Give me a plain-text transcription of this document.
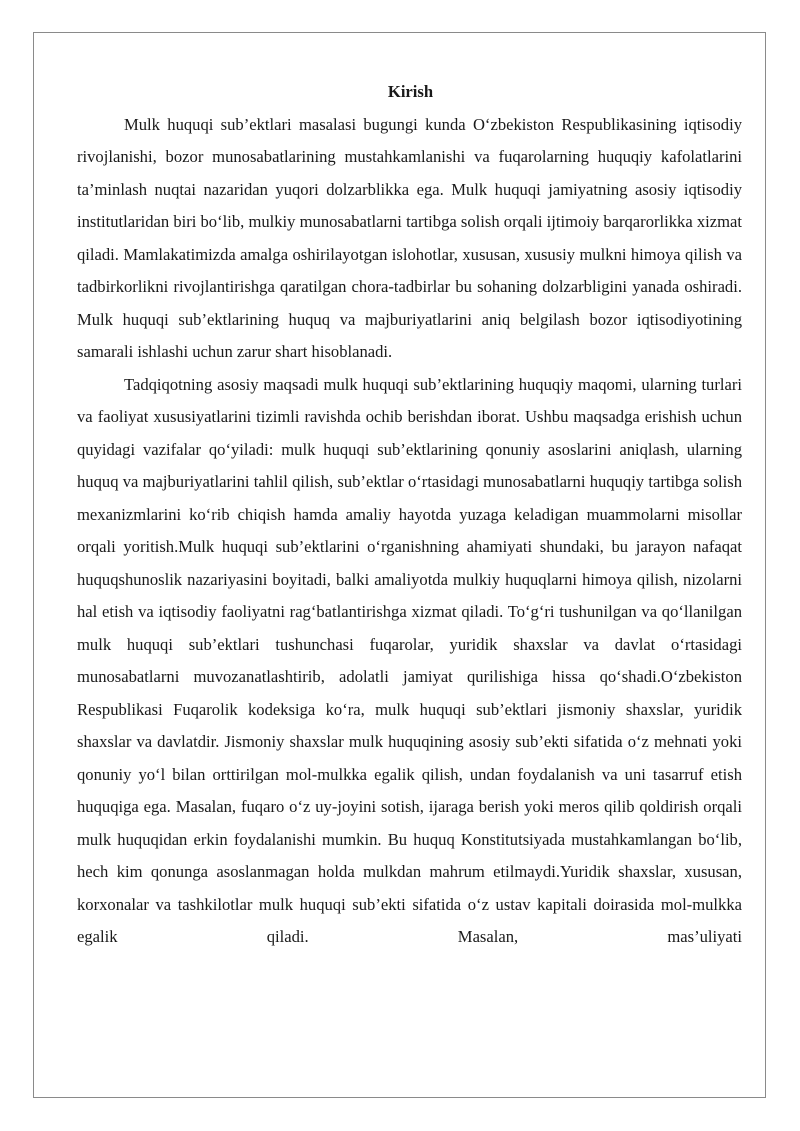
Kirish

Mulk huquqi sub’ektlari masalasi bugungi kunda O‘zbekiston Respublikasining iqtisodiy rivojlanishi, bozor munosabatlarining mustahkamlanishi va fuqarolarning huquqiy kafolatlarini ta’minlash nuqtai nazaridan yuqori dolzarblikka ega. Mulk huquqi jamiyatning asosiy iqtisodiy institutlaridan biri bo‘lib, mulkiy munosabatlarni tartibga solish orqali ijtimoiy barqarorlikka xizmat qiladi. Mamlakatimizda amalga oshirilayotgan islohotlar, xususan, xususiy mulkni himoya qilish va tadbirkorlikni rivojlantirishga qaratilgan chora-tadbirlar bu sohaning dolzarbligini yanada oshiradi. Mulk huquqi sub’ektlarining huquq va majburiyatlarini aniq belgilash bozor iqtisodiyotining samarali ishlashi uchun zarur shart hisoblanadi.

Tadqiqotning asosiy maqsadi mulk huquqi sub’ektlarining huquqiy maqomi, ularning turlari va faoliyat xususiyatlarini tizimli ravishda ochib berishdan iborat. Ushbu maqsadga erishish uchun quyidagi vazifalar qo‘yiladi: mulk huquqi sub’ektlarining qonuniy asoslarini aniqlash, ularning huquq va majburiyatlarini tahlil qilish, sub’ektlar o‘rtasidagi munosabatlarni huquqiy tartibga solish mexanizmlarini ko‘rib chiqish hamda amaliy hayotda yuzaga keladigan muammolarni misollar orqali yoritish.Mulk huquqi sub’ektlarini o‘rganishning ahamiyati shundaki, bu jarayon nafaqat huquqshunoslik nazariyasini boyitadi, balki amaliyotda mulkiy huquqlarni himoya qilish, nizolarni hal etish va iqtisodiy faoliyatni rag‘batlantirishga xizmat qiladi. To‘g‘ri tushunilgan va qo‘llanilgan mulk huquqi sub’ektlari tushunchasi fuqarolar, yuridik shaxslar va davlat o‘rtasidagi munosabatlarni muvozanatlashtirib, adolatli jamiyat qurilishiga hissa qo‘shadi.O‘zbekiston Respublikasi Fuqarolik kodeksiga ko‘ra, mulk huquqi sub’ektlari jismoniy shaxslar, yuridik shaxslar va davlatdir. Jismoniy shaxslar mulk huquqining asosiy sub’ekti sifatida o‘z mehnati yoki qonuniy yo‘l bilan orttirilgan mol-mulkka egalik qilish, undan foydalanish va uni tasarruf etish huquqiga ega. Masalan, fuqaro o‘z uy-joyini sotish, ijaraga berish yoki meros qilib qoldirish orqali mulk huquqidan erkin foydalanishi mumkin. Bu huquq Konstitutsiyada mustahkamlangan bo‘lib, hech kim qonunga asoslanmagan holda mulkdan mahrum etilmaydi.Yuridik shaxslar, xususan, korxonalar va tashkilotlar mulk huquqi sub’ekti sifatida o‘z ustav kapitali doirasida mol-mulkka egalik qiladi. Masalan, mas’uliyati
